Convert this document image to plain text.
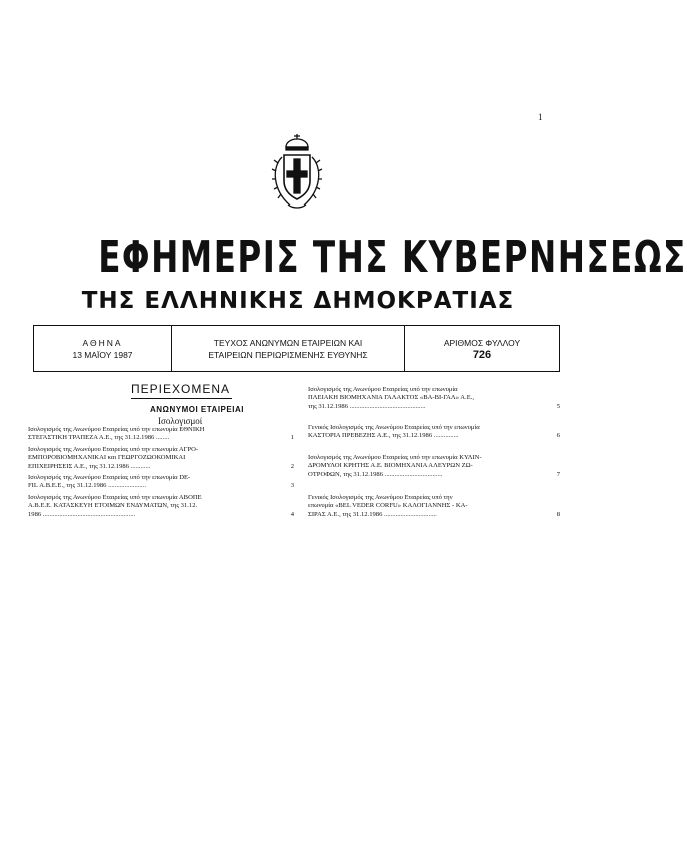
1
ΕΦΗΜΕΡΙΣ ΤΗΣ ΚΥΒΕΡΝΗΣΕΩΣ
ΤΗΣ ΕΛΛΗΝΙΚΗΣ ΔΗΜΟΚΡΑΤΙΑΣ
ΑΘΗΝΑ
13 ΜΑΪΟΥ 1987
ΤΕΥΧΟΣ ΑΝΩΝΥΜΩΝ ΕΤΑΙΡΕΙΩΝ ΚΑΙ
ΕΤΑΙΡΕΙΩΝ ΠΕΡΙΩΡΙΣΜΕΝΗΣ ΕΥΘΥΝΗΣ
ΑΡΙΘΜΟΣ ΦΥΛΛΟΥ
726
ΠΕΡΙΕΧΟΜΕΝΑ
ΑΝΩΝΥΜΟΙ ΕΤΑΙΡΕΙΑΙ
Ισολογισμοί
Ισολογισμός της Ανωνύμου Εταιρείας υπό την επωνυμία ΕΘΝΙΚΗ
ΣΤΕΓΑΣΤΙΚΗ ΤΡΑΠΕΖΑ Α.Ε., της 31.12.1986 ........	1
Ισολογισμός της Ανωνύμου Εταιρείας υπό την επωνυμία ΑΓΡΟ-
ΕΜΠΟΡΟΒΙΟΜΗΧΑΝΙΚΑΙ και ΓΕΩΡΓΟΖΩΟΚΟΜΙΚΑΙ
ΕΠΙΧΕΙΡΗΣΕΙΣ Α.Ε., της 31.12.1986 ............	2
Ισολογισμός της Ανωνύμου Εταιρείας υπό την επωνυμία DE-
FIL Α.Β.Ε.Ε., της 31.12.1986 .......................	3
Ισολογισμός της Ανωνύμου Εταιρείας υπό την επωνυμία ΑΒΟΠΕ
Α.Β.Ε.Ε. ΚΑΤΑΣΚΕΥΗ ΕΤΟΙΜΩΝ ΕΝΔΥΜΑΤΩΝ, της 31.12.
1986 ........................................................	4
Ισολογισμός της Ανωνύμου Εταιρείας υπό την επωνυμία
ΠΛΕΙΑΚΗ ΒΙΟΜΗΧΑΝΙΑ ΓΑΛΑΚΤΟΣ «ΒΑ-ΒΙ-ΓΑΛ» Α.Ε.,
της 31.12.1986 ..............................................	5
Γενικός Ισολογισμός της Ανωνύμου Εταιρείας υπό την επωνυμία
ΚΑΣΤΟΡΙΑ ΠΡΕΒΕΖΗΣ Α.Ε., της 31.12.1986 ...............	6
Ισολογισμός της Ανωνύμου Εταιρείας υπό την επωνυμία ΚΥΛΙΝ-
ΔΡΟΜΥΛΟΙ ΚΡΗΤΗΣ Α.Ε. ΒΙΟΜΗΧΑΝΙΑ ΑΛΕΥΡΩΝ ΖΩ-
ΟΤΡΟΦΩΝ, της 31.12.1986 ...................................	7
Γενικός Ισολογισμός της Ανωνύμου Εταιρείας υπό την
επωνυμία «BEL VEDER CORFU» ΚΑΛΟΓΙΑΝΝΗΣ - ΚΑ-
ΣΙΡΑΣ Α.Ε., της 31.12.1986 ................................	8
